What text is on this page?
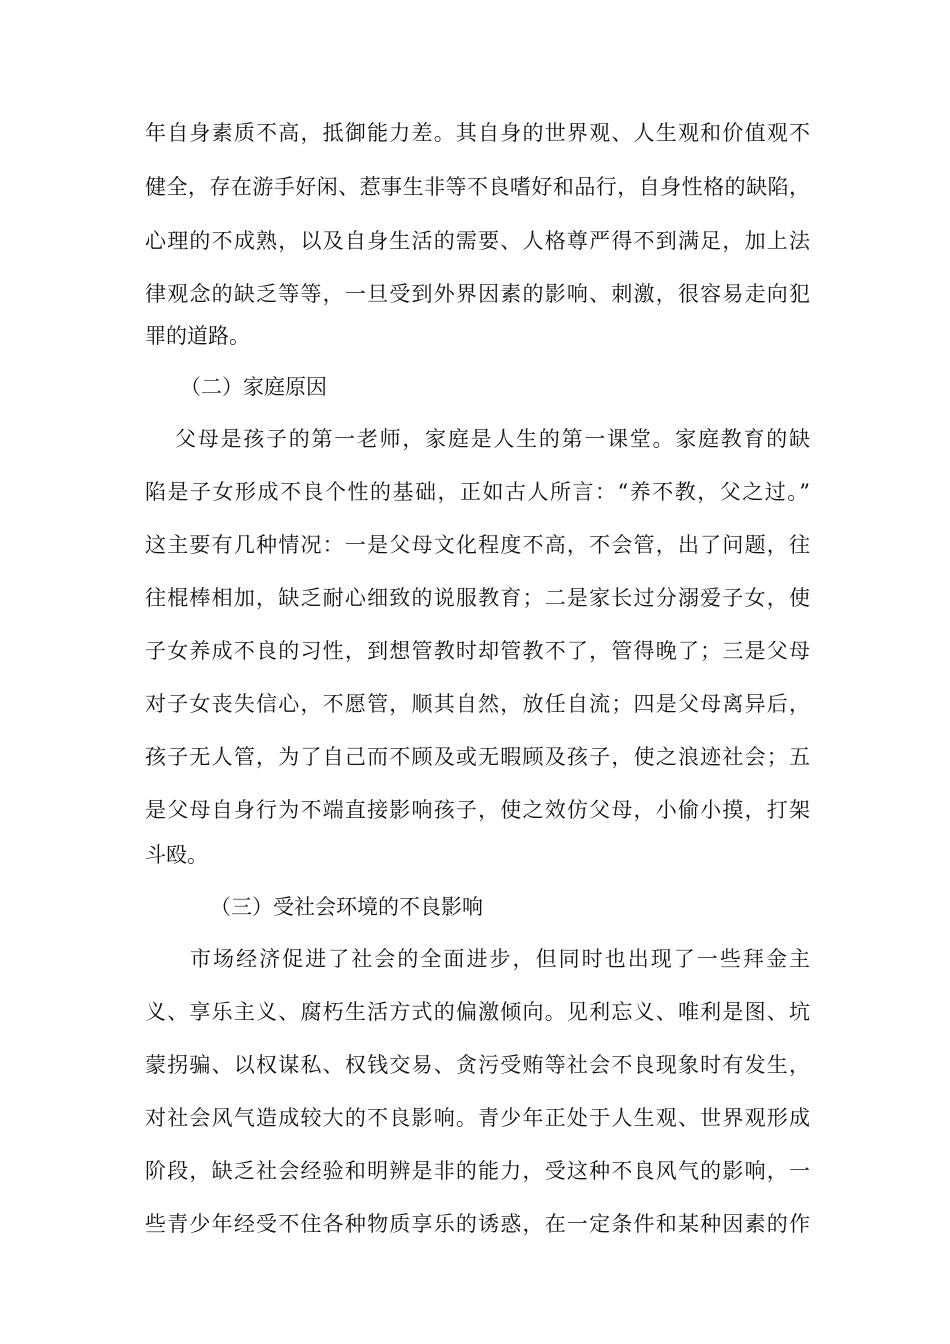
年自身素质不高，抵御能力差。其自身的世界观、人生观和价值观不
健全，存在游手好闲、惹事生非等不良嗜好和品行，自身性格的缺陷，
心理的不成熟，以及自身生活的需要、人格尊严得不到满足，加上法
律观念的缺乏等等，一旦受到外界因素的影响、刺激，很容易走向犯
罪的道路。
（二）家庭原因
父母是孩子的第一老师，家庭是人生的第一课堂。家庭教育的缺
陷是子女形成不良个性的基础，正如古人所言：“养不教，父之过。”
这主要有几种情况：一是父母文化程度不高，不会管，出了问题，往
往棍棒相加，缺乏耐心细致的说服教育；二是家长过分溺爱子女，使
子女养成不良的习性，到想管教时却管教不了，管得晚了；三是父母
对子女丧失信心，不愿管，顺其自然，放任自流；四是父母离异后，
孩子无人管，为了自己而不顾及或无暇顾及孩子，使之浪迹社会；五
是父母自身行为不端直接影响孩子，使之效仿父母，小偷小摸，打架
斗殴。
（三）受社会环境的不良影响
市场经济促进了社会的全面进步，但同时也出现了一些拜金主
义、享乐主义、腐朽生活方式的偏激倾向。见利忘义、唯利是图、坑
蒙拐骗、以权谋私、权钱交易、贪污受贿等社会不良现象时有发生，
对社会风气造成较大的不良影响。青少年正处于人生观、世界观形成
阶段，缺乏社会经验和明辨是非的能力，受这种不良风气的影响，一
些青少年经受不住各种物质享乐的诱惑，在一定条件和某种因素的作
